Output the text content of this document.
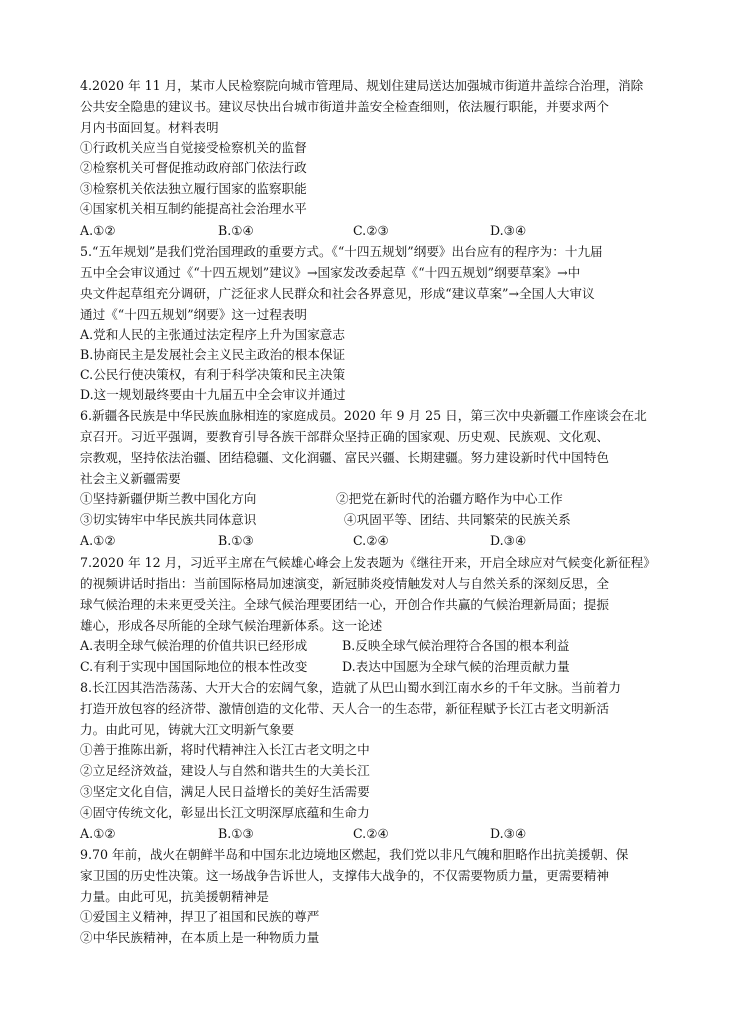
4.2020 年 11 月，某市人民检察院向城市管理局、规划住建局送达加强城市街道井盖综合治理，消除
公共安全隐患的建议书。建议尽快出台城市街道井盖安全检查细则，依法履行职能，并要求两个
月内书面回复。材料表明
①行政机关应当自觉接受检察机关的监督
②检察机关可督促推动政府部门依法行政
③检察机关依法独立履行国家的监察职能
④国家机关相互制约能提高社会治理水平
A.①②	B.①④	C.②③	D.③④
5.“五年规划”是我们党治国理政的重要方式。《“十四五规划”纲要》出台应有的程序为：十九届
五中全会审议通过《“十四五规划”建议》→国家发改委起草《“十四五规划”纲要草案》→中
央文件起草组充分调研，广泛征求人民群众和社会各界意见，形成“建议草案”→全国人大审议
通过《“十四五规划”纲要》这一过程表明
A.党和人民的主张通过法定程序上升为国家意志
B.协商民主是发展社会主义民主政治的根本保证
C.公民行使决策权，有利于科学决策和民主决策
D.这一规划最终要由十九届五中全会审议并通过
6.新疆各民族是中华民族血脉相连的家庭成员。2020 年 9 月 25 日，第三次中央新疆工作座谈会在北
京召开。习近平强调，要教育引导各族干部群众坚持正确的国家观、历史观、民族观、文化观、
宗教观，坚持依法治疆、团结稳疆、文化润疆、富民兴疆、长期建疆。努力建设新时代中国特色
社会主义新疆需要
①坚持新疆伊斯兰教中国化方向	②把党在新时代的治疆方略作为中心工作
③切实铸牢中华民族共同体意识	④巩固平等、团结、共同繁荣的民族关系
A.①②	B.①③	C.②④	D.③④
7.2020 年 12 月，习近平主席在气候雄心峰会上发表题为《继往开来，开启全球应对气候变化新征程》
的视频讲话时指出：当前国际格局加速演变，新冠肺炎疫情触发对人与自然关系的深刻反思，全
球气候治理的未来更受关注。全球气候治理要团结一心，开创合作共赢的气候治理新局面；提振
雄心，形成各尽所能的全球气候治理新体系。这一论述
A.表明全球气候治理的价值共识已经形成	B.反映全球气候治理符合各国的根本利益
C.有利于实现中国国际地位的根本性改变	D.表达中国愿为全球气候的治理贡献力量
8.长江因其浩浩荡荡、大开大合的宏阔气象，造就了从巴山蜀水到江南水乡的千年文脉。当前着力
打造开放包容的经济带、激情创造的文化带、天人合一的生态带，新征程赋予长江古老文明新活
力。由此可见，铸就大江文明新气象要
①善于推陈出新，将时代精神注入长江古老文明之中
②立足经济效益，建设人与自然和谐共生的大美长江
③坚定文化自信，满足人民日益增长的美好生活需要
④固守传统文化，彰显出长江文明深厚底蕴和生命力
A.①②	B.①③	C.②④	D.③④
9.70 年前，战火在朝鲜半岛和中国东北边境地区燃起，我们党以非凡气魄和胆略作出抗美援朝、保
家卫国的历史性决策。这一场战争告诉世人，支撑伟大战争的，不仅需要物质力量，更需要精神
力量。由此可见，抗美援朝精神是
①爱国主义精神，捍卫了祖国和民族的尊严
②中华民族精神，在本质上是一种物质力量
